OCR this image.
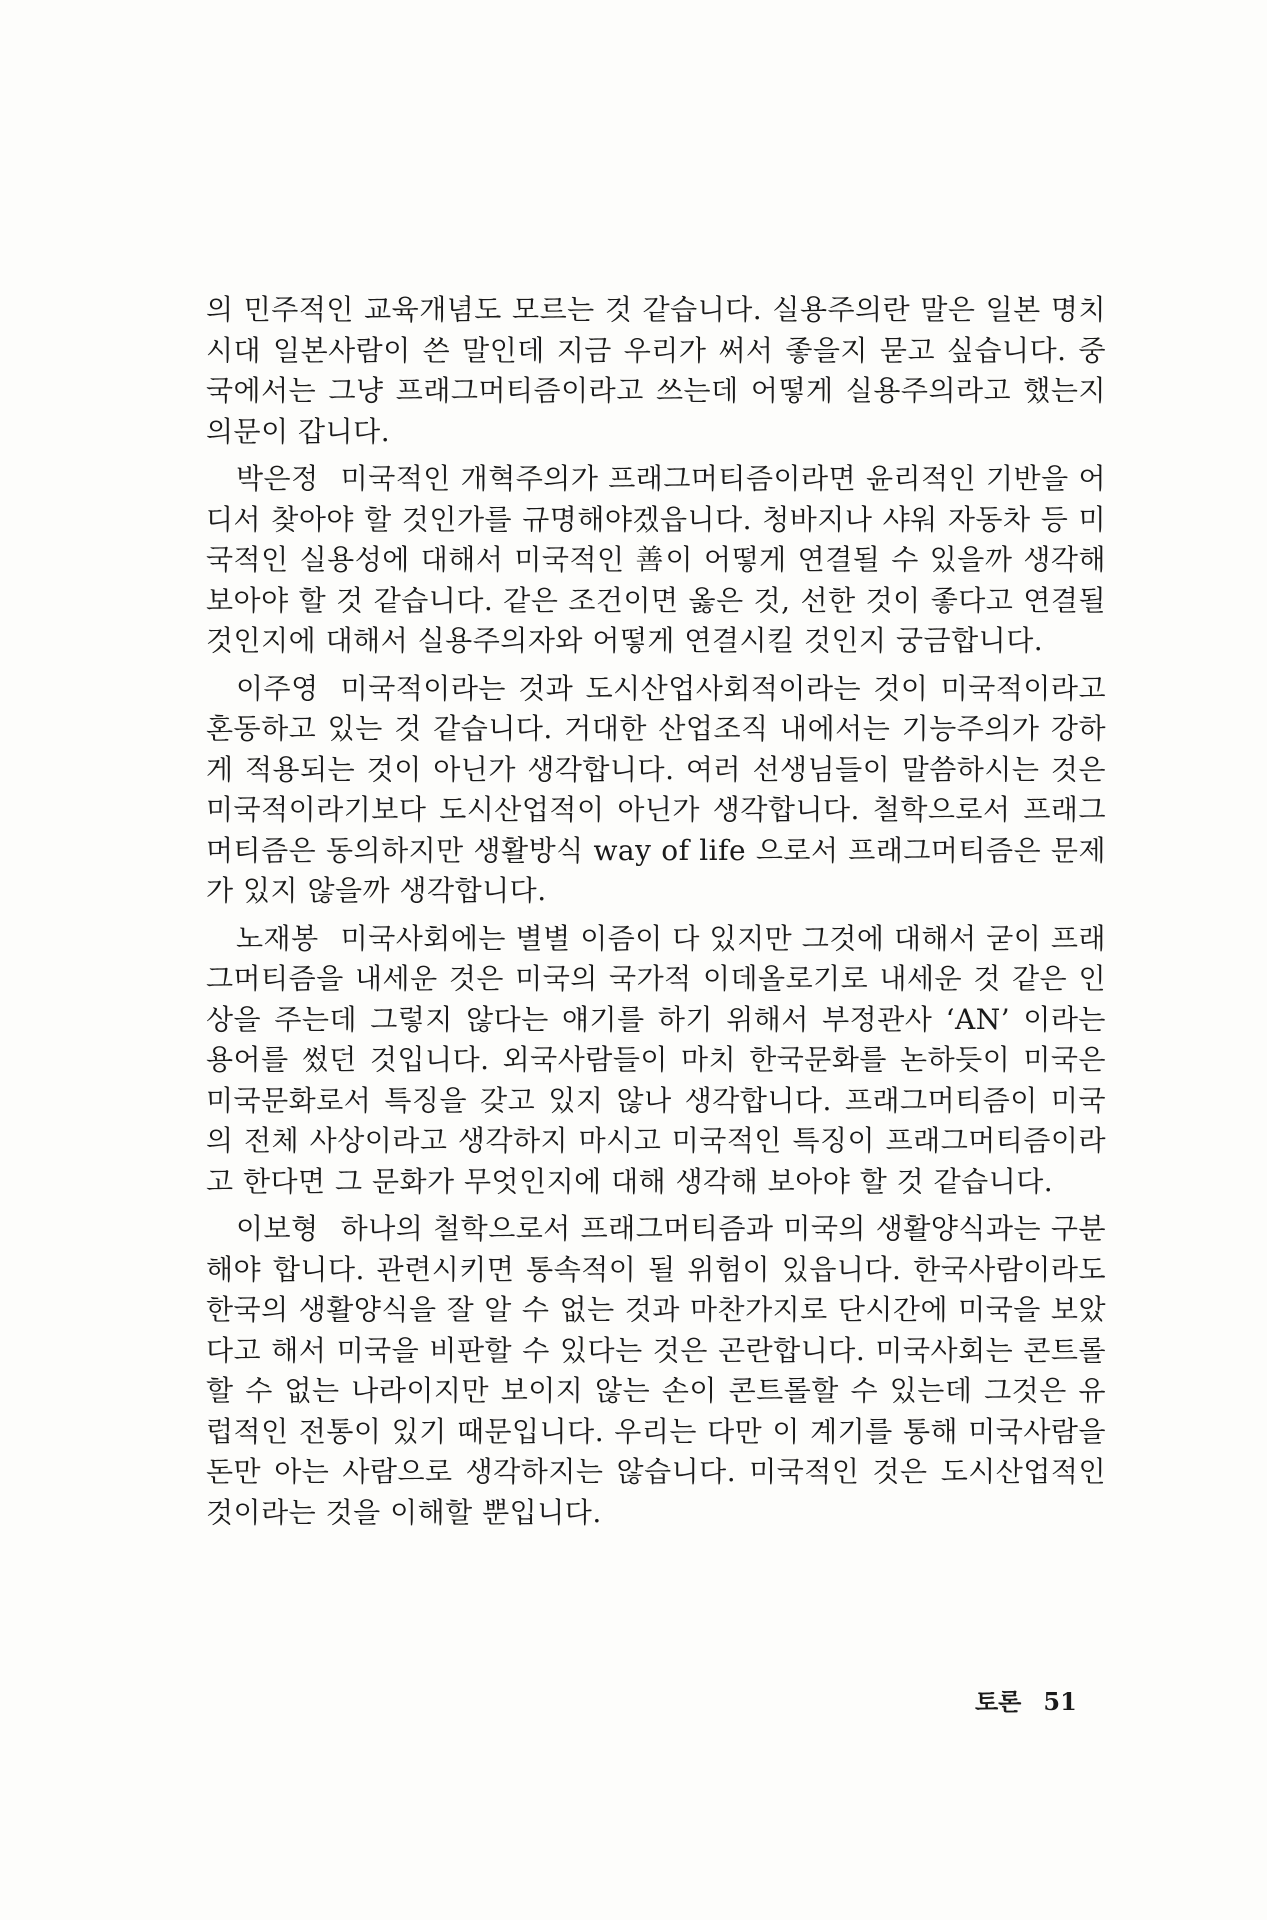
의 민주적인 교육개념도 모르는 것 같습니다. 실용주의란 말은 일본 명치시대 일본사람이 쓴 말인데 지금 우리가 써서 좋을지 묻고 싶습니다. 중국에서는 그냥 프래그머티즘이라고 쓰는데 어떻게 실용주의라고 했는지 의문이 갑니다.

박은정 미국적인 개혁주의가 프래그머티즘이라면 윤리적인 기반을 어디서 찾아야 할 것인가를 규명해야겠읍니다. 청바지나 샤워 자동차 등 미국적인 실용성에 대해서 미국적인 善이 어떻게 연결될 수 있을까 생각해 보아야 할 것 같습니다. 같은 조건이면 옳은 것, 선한 것이 좋다고 연결될 것인지에 대해서 실용주의자와 어떻게 연결시킬 것인지 궁금합니다.

이주영 미국적이라는 것과 도시산업사회적이라는 것이 미국적이라고 혼동하고 있는 것 같습니다. 거대한 산업조직 내에서는 기능주의가 강하게 적용되는 것이 아닌가 생각합니다. 여러 선생님들이 말씀하시는 것은 미국적이라기보다 도시산업적이 아닌가 생각합니다. 철학으로서 프래그머티즘은 동의하지만 생활방식 way of life 으로서 프래그머티즘은 문제가 있지 않을까 생각합니다.

노재봉 미국사회에는 별별 이즘이 다 있지만 그것에 대해서 굳이 프래그머티즘을 내세운 것은 미국의 국가적 이데올로기로 내세운 것 같은 인상을 주는데 그렇지 않다는 얘기를 하기 위해서 부정관사 ‘AN’ 이라는 용어를 썼던 것입니다. 외국사람들이 마치 한국문화를 논하듯이 미국은 미국문화로서 특징을 갖고 있지 않나 생각합니다. 프래그머티즘이 미국의 전체 사상이라고 생각하지 마시고 미국적인 특징이 프래그머티즘이라고 한다면 그 문화가 무엇인지에 대해 생각해 보아야 할 것 같습니다.

이보형 하나의 철학으로서 프래그머티즘과 미국의 생활양식과는 구분해야 합니다. 관련시키면 통속적이 될 위험이 있읍니다. 한국사람이라도 한국의 생활양식을 잘 알 수 없는 것과 마찬가지로 단시간에 미국을 보았다고 해서 미국을 비판할 수 있다는 것은 곤란합니다. 미국사회는 콘트롤할 수 없는 나라이지만 보이지 않는 손이 콘트롤할 수 있는데 그것은 유럽적인 전통이 있기 때문입니다. 우리는 다만 이 계기를 통해 미국사람을 돈만 아는 사람으로 생각하지는 않습니다. 미국적인 것은 도시산업적인 것이라는 것을 이해할 뿐입니다.

토론 51
